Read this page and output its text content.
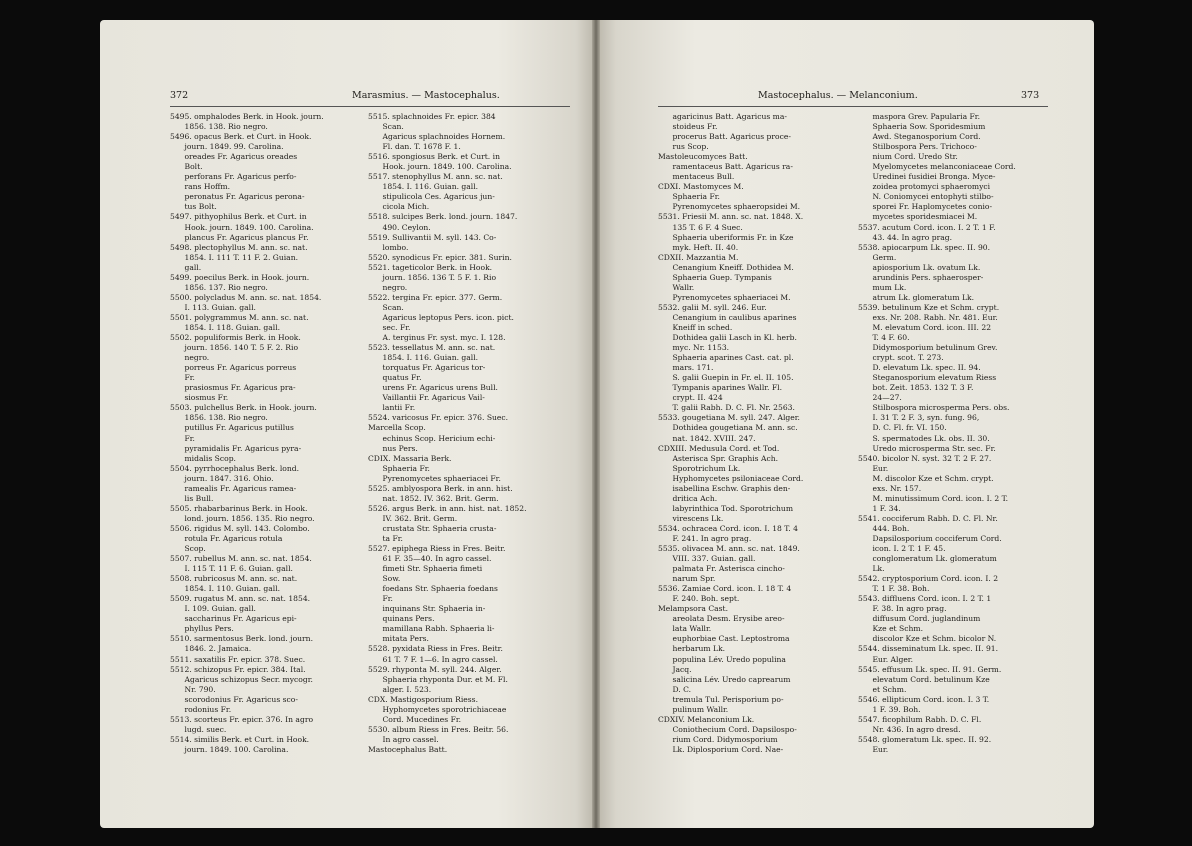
372	Marasmius. — Mastocephalus.
5495. omphalodes Berk. in Hook. journ.
1856. 138. Rio negro.
5496. opacus Berk. et Curt. in Hook.
journ. 1849. 99. Carolina.
oreades Fr. Agaricus oreades
Bolt.
perforans Fr. Agaricus perfo-
rans Hoffm.
peronatus Fr. Agaricus perona-
tus Bolt.
5497. pithyophilus Berk. et Curt. in
Hook. journ. 1849. 100. Carolina.
plancus Fr. Agaricus plancus Fr.
5498. plectophyllus M. ann. sc. nat.
1854. I. 111 T. 11 F. 2. Guian.
gall.
5499. poecilus Berk. in Hook. journ.
1856. 137. Rio negro.
5500. polycladus M. ann. sc. nat. 1854.
I. 113. Guian. gall.
5501. polygrammus M. ann. sc. nat.
1854. I. 118. Guian. gall.
5502. populiformis Berk. in Hook.
journ. 1856. 140 T. 5 F. 2. Rio
negro.
porreus Fr. Agaricus porreus
Fr.
prasiosmus Fr. Agaricus pra-
siosmus Fr.
5503. pulchellus Berk. in Hook. journ.
1856. 138. Rio negro.
putillus Fr. Agaricus putillus
Fr.
pyramidalis Fr. Agaricus pyra-
midalis Scop.
5504. pyrrhocephalus Berk. lond.
journ. 1847. 316. Ohio.
ramealis Fr. Agaricus ramea-
lis Bull.
5505. rhabarbarinus Berk. in Hook.
lond. journ. 1856. 135. Rio negro.
5506. rigidus M. syll. 143. Colombo.
rotula Fr. Agaricus rotula
Scop.
5507. rubellus M. ann. sc. nat. 1854.
I. 115 T. 11 F. 6. Guian. gall.
5508. rubricosus M. ann. sc. nat.
1854. I. 110. Guian. gall.
5509. rugatus M. ann. sc. nat. 1854.
I. 109. Guian. gall.
saccharinus Fr. Agaricus epi-
phyllus Pers.
5510. sarmentosus Berk. lond. journ.
1846. 2. Jamaica.
5511. saxatilis Fr. epicr. 378. Suec.
5512. schizopus Fr. epicr. 384. Ital.
Agaricus schizopus Secr. mycogr.
Nr. 790.
scorodonius Fr. Agaricus sco-
rodonius Fr.
5513. scorteus Fr. epicr. 376. In agro
lugd. suec.
5514. similis Berk. et Curt. in Hook.
journ. 1849. 100. Carolina.
5515. splachnoides Fr. epicr. 384
Scan.
Agaricus splachnoides Hornem.
Fl. dan. T. 1678 F. 1.
5516. spongiosus Berk. et Curt. in
Hook. journ. 1849. 100. Carolina.
5517. stenophyllus M. ann. sc. nat.
1854. I. 116. Guian. gall.
stipulicola Ces. Agaricus jun-
cicola Mich.
5518. sulcipes Berk. lond. journ. 1847.
490. Ceylon.
5519. Sullivantii M. syll. 143. Co-
lombo.
5520. synodicus Fr. epicr. 381. Surin.
5521. tageticolor Berk. in Hook.
journ. 1856. 136 T. 5 F. 1. Rio
negro.
5522. tergina Fr. epicr. 377. Germ.
Scan.
Agaricus leptopus Pers. icon. pict.
sec. Fr.
A. terginus Fr. syst. myc. I. 128.
5523. tessellatus M. ann. sc. nat.
1854. I. 116. Guian. gall.
torquatus Fr. Agaricus tor-
quatus Fr.
urens Fr. Agaricus urens Bull.
Vaillantii Fr. Agaricus Vail-
lantii Fr.
5524. varicosus Fr. epicr. 376. Suec.
Marcella Scop.
echinus Scop. Hericium echi-
nus Pers.
CDIX. Massaria Berk.
Sphaeria Fr.
Pyrenomycetes sphaeriacei Fr.
5525. amblyospora Berk. in ann. hist.
nat. 1852. IV. 362. Brit. Germ.
5526. argus Berk. in ann. hist. nat. 1852.
IV. 362. Brit. Germ.
crustata Str. Sphaeria crusta-
ta Fr.
5527. epiphega Riess in Fres. Beitr.
61 F. 35—40. In agro cassel.
fimeti Str. Sphaeria fimeti
Sow.
foedans Str. Sphaeria foedans
Fr.
inquinans Str. Sphaeria in-
quinans Pers.
mamillana Rabh. Sphaeria li-
mitata Pers.
5528. pyxidata Riess in Fres. Beitr.
61 T. 7 F. 1—6. In agro cassel.
5529. rhyponta M. syll. 244. Alger.
Sphaeria rhyponta Dur. et M. Fl.
alger. I. 523.
CDX. Mastigosporium Riess.
Hyphomycetes sporotrichiaceae
Cord. Mucedines Fr.
5530. album Riess in Fres. Beitr. 56.
In agro cassel.
Mastocephalus Batt.
Mastocephalus. — Melanconium.	373
agaricinus Batt. Agaricus ma-
stoideus Fr.
procerus Batt. Agaricus proce-
rus Scop.
Mastoleucomyces Batt.
ramentaceus Batt. Agaricus ra-
mentaceus Bull.
CDXI. Mastomyces M.
Sphaeria Fr.
Pyrenomycetes sphaeropsidei M.
5531. Friesii M. ann. sc. nat. 1848. X.
135 T. 6 F. 4 Suec.
Sphaeria uberiformis Fr. in Kze
myk. Heft. II. 40.
CDXII. Mazzantia M.
Cenangium Kneiff. Dothidea M.
Sphaeria Guep. Tympanis
Wallr.
Pyrenomycetes sphaeriacei M.
5532. galii M. syll. 246. Eur.
Cenangium in caulibus aparines
Kneiff in sched.
Dothidea galii Lasch in Kl. herb.
myc. Nr. 1153.
Sphaeria aparines Cast. cat. pl.
mars. 171.
S. galii Guepin in Fr. el. II. 105.
Tympanis aparines Wallr. Fl.
crypt. II. 424
T. galii Rabh. D. C. Fl. Nr. 2563.
5533. gougetiana M. syll. 247. Alger.
Dothidea gougetiana M. ann. sc.
nat. 1842. XVIII. 247.
CDXIII. Medusula Cord. et Tod.
Asterisca Spr. Graphis Ach.
Sporotrichum Lk.
Hyphomycetes psiloniaceae Cord.
isabellina Eschw. Graphis den-
dritica Ach.
labyrinthica Tod. Sporotrichum
virescens Lk.
5534. ochracea Cord. icon. I. 18 T. 4
F. 241. In agro prag.
5535. olivacea M. ann. sc. nat. 1849.
VIII. 337. Guian. gall.
palmata Fr. Asterisca cincho-
narum Spr.
5536. Zamiae Cord. icon. I. 18 T. 4
F. 240. Boh. sept.
Melampsora Cast.
areolata Desm. Erysibe areo-
lata Wallr.
euphorbiae Cast. Leptostroma
herbarum Lk.
populina Lév. Uredo populina
Jacq.
salicina Lév. Uredo caprearum
D. C.
tremula Tul. Perisporium po-
pulinum Wallr.
CDXIV. Melanconium Lk.
Coniothecium Cord. Dapsilospo-
rium Cord. Didymosporium
Lk. Diplosporium Cord. Nae-
maspora Grev. Papularia Fr.
Sphaeria Sow. Sporidesmium
Awd. Steganosporium Cord.
Stilbospora Pers. Trichoco-
nium Cord. Uredo Str.
Myelomycetes melanconiaceae Cord.
Uredinei fusidiei Bronga. Myce-
zoidea protomyci sphaeromyci
N. Coniomycei entophyti stilbo-
sporei Fr. Haplomycetes conio-
mycetes sporidesmiacei M.
5537. acutum Cord. icon. I. 2 T. 1 F.
43. 44. In agro prag.
5538. apiocarpum Lk. spec. II. 90.
Germ.
apiosporium Lk. ovatum Lk.
arundinis Pers. sphaerosper-
mum Lk.
atrum Lk. glomeratum Lk.
5539. betulinum Kze et Schm. crypt.
exs. Nr. 208. Rabh. Nr. 481. Eur.
M. elevatum Cord. icon. III. 22
T. 4 F. 60.
Didymosporium betulinum Grev.
crypt. scot. T. 273.
D. elevatum Lk. spec. II. 94.
Steganosporium elevatum Riess
bot. Zeit. 1853. 132 T. 3 F.
24—27.
Stilbospora microsperma Pers. obs.
I. 31 T. 2 F. 3, syn. fung. 96,
D. C. Fl. fr. VI. 150.
S. spermatodes Lk. obs. II. 30.
Uredo microsperma Str. sec. Fr.
5540. bicolor N. syst. 32 T. 2 F. 27.
Eur.
M. discolor Kze et Schm. crypt.
exs. Nr. 157.
M. minutissimum Cord. icon. I. 2 T.
1 F. 34.
5541. cocciferum Rabh. D. C. Fl. Nr.
444. Boh.
Dapsilosporium cocciferum Cord.
icon. I. 2 T. 1 F. 45.
conglomeratum Lk. glomeratum
Lk.
5542. cryptosporium Cord. icon. I. 2
T. 1 F. 38. Boh.
5543. diffluens Cord. icon. I. 2 T. 1
F. 38. In agro prag.
diffusum Cord. juglandinum
Kze et Schm.
discolor Kze et Schm. bicolor N.
5544. disseminatum Lk. spec. II. 91.
Eur. Alger.
5545. effusum Lk. spec. II. 91. Germ.
elevatum Cord. betulinum Kze
et Schm.
5546. ellipticum Cord. icon. I. 3 T.
1 F. 39. Boh.
5547. ficophilum Rabh. D. C. Fl.
Nr. 436. In agro dresd.
5548. glomeratum Lk. spec. II. 92.
Eur.
